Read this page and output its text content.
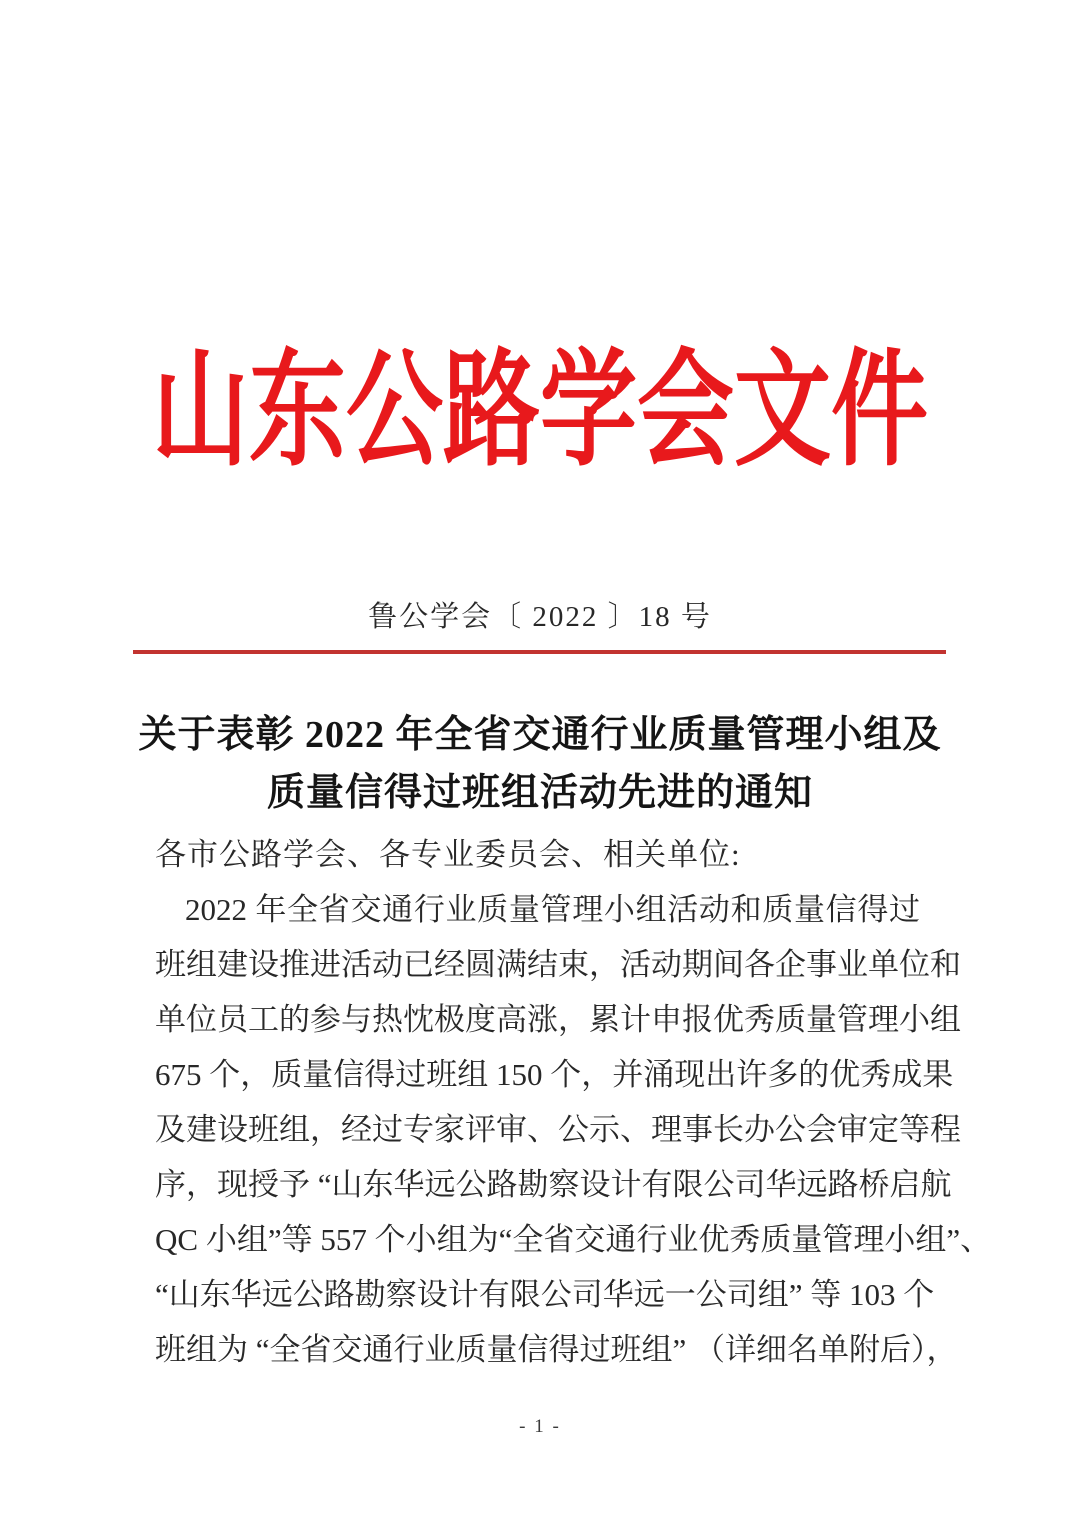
山东公路学会文件
鲁公学会〔 2022 〕18 号
关于表彰 2022 年全省交通行业质量管理小组及
质量信得过班组活动先进的通知
各市公路学会、各专业委员会、相关单位:
2022 年全省交通行业质量管理小组活动和质量信得过
班组建设推进活动已经圆满结束，活动期间各企事业单位和
单位员工的参与热忱极度高涨，累计申报优秀质量管理小组
675 个，质量信得过班组 150 个，并涌现出许多的优秀成果
及建设班组，经过专家评审、公示、理事长办公会审定等程
序，现授予 “山东华远公路勘察设计有限公司华远路桥启航
QC 小组”等 557 个小组为“全省交通行业优秀质量管理小组”、
“山东华远公路勘察设计有限公司华远一公司组” 等 103 个
班组为 “全省交通行业质量信得过班组” （详细名单附后），
- 1 -
